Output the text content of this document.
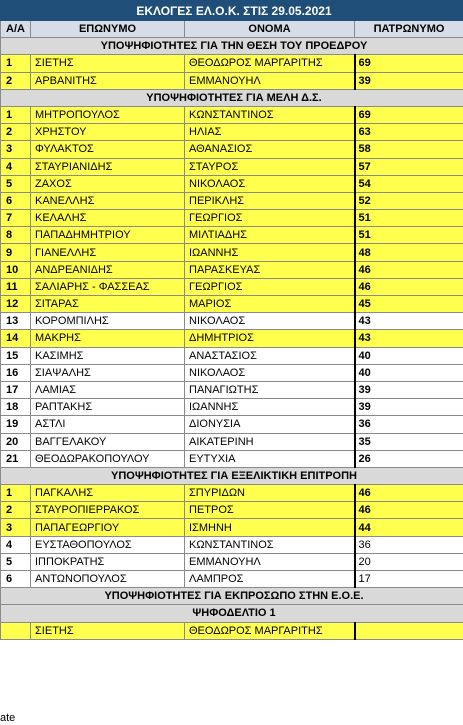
ΕΚΛΟΓΕΣ ΕΛ.Ο.Κ. ΣΤΙΣ 29.05.2021			
Α/Α	ΕΠΩΝΥΜΟ	ΟΝΟΜΑ	ΠΑΤΡΩΝΥΜΟ
ΥΠΟΨΗΦΙΟΤΗΤΕΣ ΓΙΑ ΤΗΝ ΘΕΣΗ ΤΟΥ ΠΡΟΕΔΡΟΥ			
1	ΣΙΕΤΗΣ	ΘΕΟΔΩΡΟΣ ΜΑΡΓΑΡΙΤΗΣ	69
2	ΑΡΒΑΝΙΤΗΣ	ΕΜΜΑΝΟΥΗΛ	39
ΥΠΟΨΗΦΙΟΤΗΤΕΣ ΓΙΑ ΜΕΛΗ Δ.Σ.			
1	ΜΗΤΡΟΠΟΥΛΟΣ	ΚΩΝΣΤΑΝΤΙΝΟΣ	69
2	ΧΡΗΣΤΟΥ	ΗΛΙΑΣ	63
3	ΦΥΛΑΚΤΟΣ	ΑΘΑΝΑΣΙΟΣ	58
4	ΣΤΑΥΡΙΑΝΙΔΗΣ	ΣΤΑΥΡΟΣ	57
5	ΖΑΧΟΣ	ΝΙΚΟΛΑΟΣ	54
6	ΚΑΝΕΛΛΗΣ	ΠΕΡΙΚΛΗΣ	52
7	ΚΕΛΑΛΗΣ	ΓΕΩΡΓΙΟΣ	51
8	ΠΑΠΑΔΗΜΗΤΡΙΟΥ	ΜΙΛΤΙΑΔΗΣ	51
9	ΓΙΑΝΕΛΛΗΣ	ΙΩΑΝΝΗΣ	48
10	ΑΝΔΡΕΑΝΙΔΗΣ	ΠΑΡΑΣΚΕΥΑΣ	46
11	ΣΑΛΙΑΡΗΣ - ΦΑΣΣΕΑΣ	ΓΕΩΡΓΙΟΣ	46
12	ΣΙΤΑΡΑΣ	ΜΑΡΙΟΣ	45
13	ΚΟΡΟΜΠΙΛΗΣ	ΝΙΚΟΛΑΟΣ	43
14	ΜΑΚΡΗΣ	ΔΗΜΗΤΡΙΟΣ	43
15	ΚΑΣΙΜΗΣ	ΑΝΑΣΤΑΣΙΟΣ	40
16	ΣΙΑΨΑΛΗΣ	ΝΙΚΟΛΑΟΣ	40
17	ΛΑΜΙΑΣ	ΠΑΝΑΓΙΩΤΗΣ	39
18	ΡΑΠΤΑΚΗΣ	ΙΩΑΝΝΗΣ	39
19	ΑΣΤΛΙ	ΔΙΟΝΥΣΙΑ	36
20	ΒΑΓΓΕΛΑΚΟΥ	ΑΙΚΑΤΕΡΙΝΗ	35
21	ΘΕΟΔΩΡΑΚΟΠΟΥΛΟΥ	ΕΥΤΥΧΙΑ	26
ΥΠΟΨΗΦΙΟΤΗΤΕΣ ΓΙΑ ΕΞΕΛΙΚΤΙΚΗ ΕΠΙΤΡΟΠΗ			
1	ΠΑΓΚΑΛΗΣ	ΣΠΥΡΙΔΩΝ	46
2	ΣΤΑΥΡΟΠΙΕΡΡΑΚΟΣ	ΠΕΤΡΟΣ	46
3	ΠΑΠΑΓΕΩΡΓΙΟΥ	ΙΣΜΗΝΗ	44
4	ΕΥΣΤΑΘΟΠΟΥΛΟΣ	ΚΩΝΣΤΑΝΤΙΝΟΣ	36
5	ΙΠΠΟΚΡΑΤΗΣ	ΕΜΜΑΝΟΥΗΛ	20
6	ΑΝΤΩΝΟΠΟΥΛΟΣ	ΛΑΜΠΡΟΣ	17
ΥΠΟΨΗΦΙΟΤΗΤΕΣ ΓΙΑ ΕΚΠΡΟΣΩΠΟ ΣΤΗΝ Ε.Ο.Ε.			
ΨΗΦΟΔΕΛΤΙΟ 1			
	ΣΙΕΤΗΣ	ΘΕΟΔΩΡΟΣ ΜΑΡΓΑΡΙΤΗΣ	
ate
